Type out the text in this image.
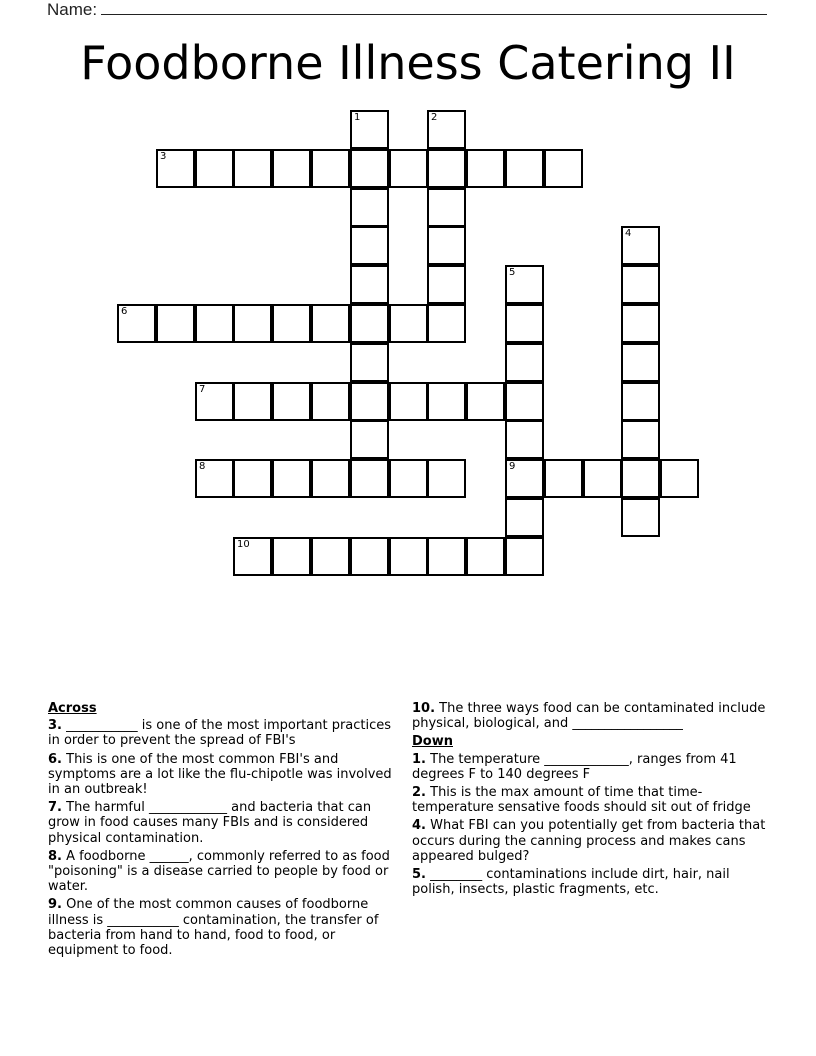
Name:
Foodborne Illness Catering II
1	2
3
4
5
6
7
8	9
10
Across
3. ___________ is one of the most important practices in order to prevent the spread of FBI's
6. This is one of the most common FBI's and symptoms are a lot like the flu-chipotle was involved in an outbreak!
7. The harmful ____________ and bacteria that can grow in food causes many FBIs and is considered physical contamination.
8. A foodborne ______, commonly referred to as food "poisoning" is a disease carried to people by food or water.
9. One of the most common causes of foodborne illness is ___________ contamination, the transfer of bacteria from hand to hand, food to food, or equipment to food.
10. The three ways food can be contaminated include physical, biological, and _________________
Down
1. The temperature _____________, ranges from 41 degrees F to 140 degrees F
2. This is the max amount of time that time-temperature sensative foods should sit out of fridge
4. What FBI can you potentially get from bacteria that occurs during the canning process and makes cans appeared bulged?
5. ________ contaminations include dirt, hair, nail polish, insects, plastic fragments, etc.
